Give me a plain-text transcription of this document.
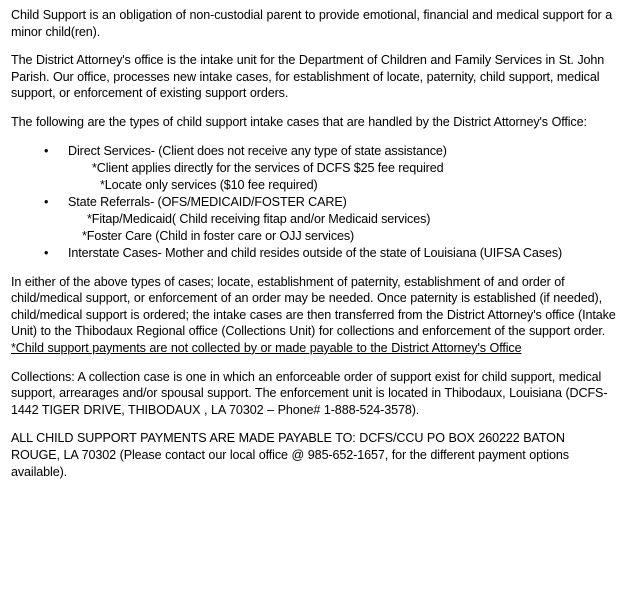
Child Support is an obligation of non-custodial parent to provide emotional, financial and medical support for a minor child(ren).

The District Attorney's office is the intake unit for the Department of Children and Family Services in St. John Parish. Our office, processes new intake cases, for establishment of locate, paternity, child support, medical support, or enforcement of existing support orders.

The following are the types of child support intake cases that are handled by the District Attorney's Office:

•	Direct Services- (Client does not receive any type of state assistance)
*Client applies directly for the services of DCFS $25 fee required
*Locate only services ($10 fee required)
•	State Referrals- (OFS/MEDICAID/FOSTER CARE)
*Fitap/Medicaid( Child receiving fitap and/or Medicaid services)
*Foster Care (Child in foster care or OJJ services)
•	Interstate Cases- Mother and child resides outside of the state of Louisiana (UIFSA Cases)

In either of the above types of cases; locate, establishment of paternity, establishment of and order of child/medical support, or enforcement of an order may be needed. Once paternity is established (if needed), child/medical support is ordered; the intake cases are then transferred from the District Attorney's office (Intake Unit) to the Thibodaux Regional office (Collections Unit) for collections and enforcement of the support order. *Child support payments are not collected by or made payable to the District Attorney's Office

Collections: A collection case is one in which an enforceable order of support exist for child support, medical support, arrearages and/or spousal support. The enforcement unit is located in Thibodaux, Louisiana (DCFS-1442 TIGER DRIVE, THIBODAUX , LA 70302 – Phone# 1-888-524-3578).

ALL CHILD SUPPORT PAYMENTS ARE MADE PAYABLE TO: DCFS/CCU PO BOX 260222 BATON ROUGE, LA 70302 (Please contact our local office @ 985-652-1657, for the different payment options available).
